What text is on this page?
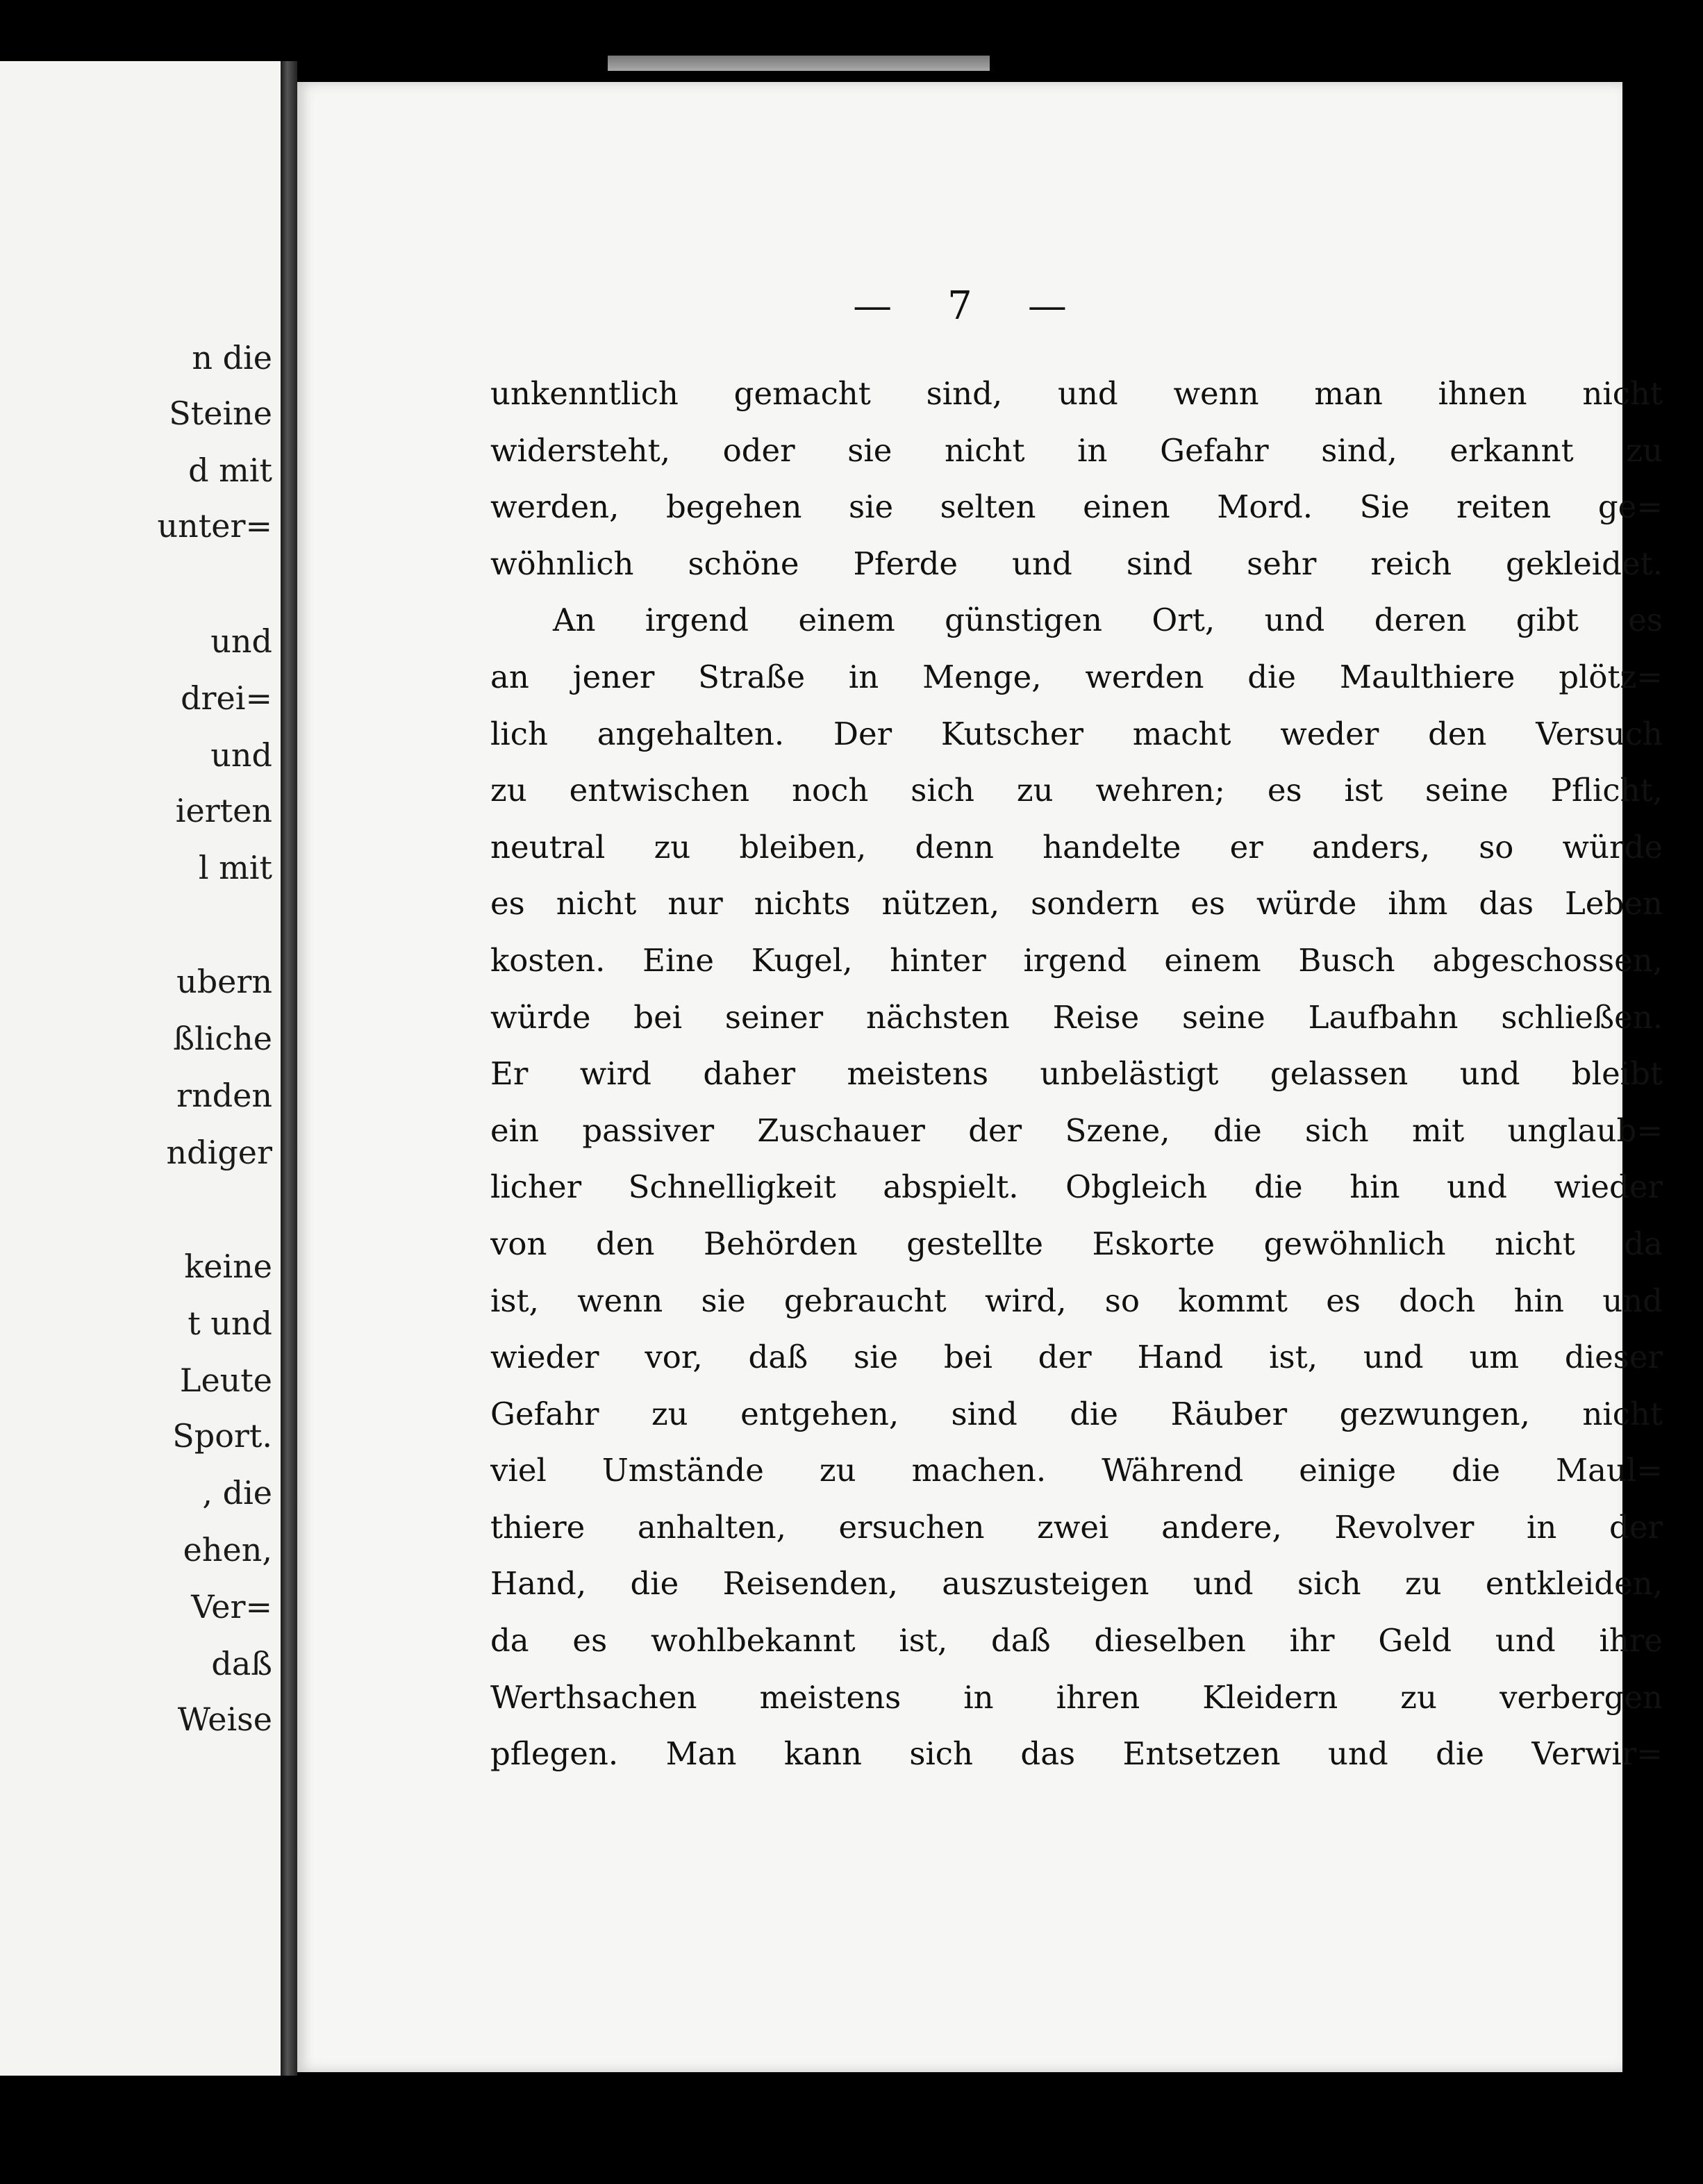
n die
Steine
d mit
unter=
und
drei=
und
ierten
l mit
ubern
ßliche
rnden
ndiger
keine
t und
Leute
Sport.
, die
ehen,
Ver=
daß
Weise
— 7 —
unkenntlich gemacht sind, und wenn man ihnen nicht
widersteht, oder sie nicht in Gefahr sind, erkannt zu
werden, begehen sie selten einen Mord. Sie reiten ge=
wöhnlich schöne Pferde und sind sehr reich gekleidet.
An irgend einem günstigen Ort, und deren gibt es
an jener Straße in Menge, werden die Maulthiere plötz=
lich angehalten. Der Kutscher macht weder den Versuch
zu entwischen noch sich zu wehren; es ist seine Pflicht,
neutral zu bleiben, denn handelte er anders, so würde
es nicht nur nichts nützen, sondern es würde ihm das Leben
kosten. Eine Kugel, hinter irgend einem Busch abgeschossen,
würde bei seiner nächsten Reise seine Laufbahn schließen.
Er wird daher meistens unbelästigt gelassen und bleibt
ein passiver Zuschauer der Szene, die sich mit unglaub=
licher Schnelligkeit abspielt. Obgleich die hin und wieder
von den Behörden gestellte Eskorte gewöhnlich nicht da
ist, wenn sie gebraucht wird, so kommt es doch hin und
wieder vor, daß sie bei der Hand ist, und um dieser
Gefahr zu entgehen, sind die Räuber gezwungen, nicht
viel Umstände zu machen. Während einige die Maul=
thiere anhalten, ersuchen zwei andere, Revolver in der
Hand, die Reisenden, auszusteigen und sich zu entkleiden,
da es wohlbekannt ist, daß dieselben ihr Geld und ihre
Werthsachen meistens in ihren Kleidern zu verbergen
pflegen. Man kann sich das Entsetzen und die Verwir=
